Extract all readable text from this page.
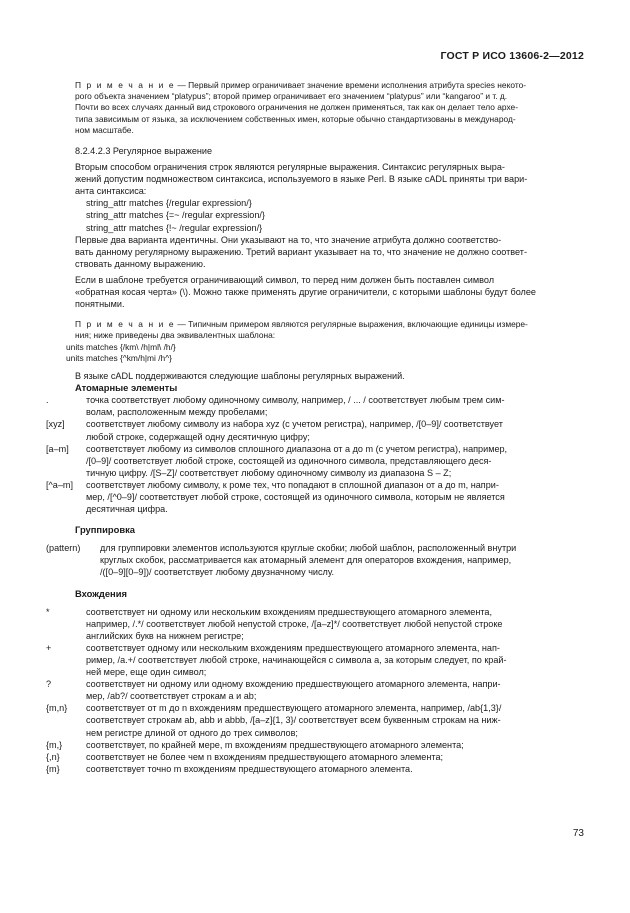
ГОСТ Р ИСО 13606-2—2012

П р и м е ч а н и е — Первый пример ограничивает значение времени исполнения атрибута species некото-
рого объекта значением “platypus”; второй пример ограничивает его значением “platypus” или “kangaroo” и т. д.
Почти во всех случаях данный вид строкового ограничения не должен применяться, так как он делает тело архе-
типа зависимым от языка, за исключением собственных имен, которые обычно стандартизованы в международ-
ном масштабе.

8.2.4.2.3 Регулярное выражение

Вторым способом ограничения строк являются регулярные выражения. Синтаксис регулярных выра-
жений допустим подмножеством синтаксиса, используемого в языке Perl. В языке cADL приняты три вари-
анта синтаксиса:

string_attr matches {/regular expression/}
string_attr matches {=~ /regular expression/}
string_attr matches {!~ /regular expression/}

Первые два варианта идентичны. Они указывают на то, что значение атрибута должно соответство-
вать данному регулярному выражению. Третий вариант указывает на то, что значение не должно соответ-
ствовать данному выражению.

Если в шаблоне требуется ограничивающий символ, то перед ним должен быть поставлен символ
«обратная косая черта» (\). Можно также применять другие ограничители, с которыми шаблоны будут более
понятными.

П р и м е ч а н и е — Типичным примером являются регулярные выражения, включающие единицы измере-
ния; ниже приведены два эквивалентных шаблона:

units matches {/km\ /h|ml\ /h/}
units matches {^km/h|mi /h^}

В языке cADL поддерживаются следующие шаблоны регулярных выражений.

Атомарные элементы
.	точка соответствует любому одиночному символу, например, / ... / соответствует любым трем сим-
волам, расположенным между пробелами;
[xyz]	соответствует любому символу из набора xyz (с учетом регистра), например, /[0–9]/ соответствует
любой строке, содержащей одну десятичную цифру;
[a–m]	соответствует любому из символов сплошного диапазона от a до m (с учетом регистра), например,
/[0–9]/ соответствует любой строке, состоящей из одиночного символа, представляющего деся-
тичную цифру. /[S–Z]/ соответствует любому одиночному символу из диапазона S – Z;
[^a–m]	соответствует любому символу, к роме тех, что попадают в сплошной диапазон от a до m, напри-
мер, /[^0–9]/ соответствует любой строке, состоящей из одиночного символа, которым не является
десятичная цифра.
Группировка
(pattern)	для группировки элементов используются круглые скобки; любой шаблон, расположенный внутри
круглых скобок, рассматривается как атомарный элемент для операторов вхождения, например,
/([0–9][0–9])/ соответствует любому двузначному числу.
Вхождения
*	соответствует ни одному или нескольким вхождениям предшествующего атомарного элемента,
например, /.*/ соответствует любой непустой строке, /[a–z]*/ соответствует любой непустой строке
английских букв на нижнем регистре;
+	соответствует одному или нескольким вхождениям предшествующего атомарного элемента, нап-
ример, /a.+/ соответствует любой строке, начинающейся с символа a, за которым следует, по край-
ней мере, еще один символ;
?	соответствует ни одному или одному вхождению предшествующего атомарного элемента, напри-
мер, /ab?/ соответствует строкам a и ab;
{m,n}	соответствует от m до n вхождениям предшествующего атомарного элемента, например, /ab{1,3}/
соответствует строкам ab, abb и abbb, /[a–z]{1, 3}/ соответствует всем буквенным строкам на ниж-
нем регистре длиной от одного до трех символов;
{m,}	соответствует, по крайней мере, m вхождениям предшествующего атомарного элемента;
{,n}	соответствует не более чем n вхождениям предшествующего атомарного элемента;
{m}	соответствует точно m вхождениям предшествующего атомарного элемента.
73
